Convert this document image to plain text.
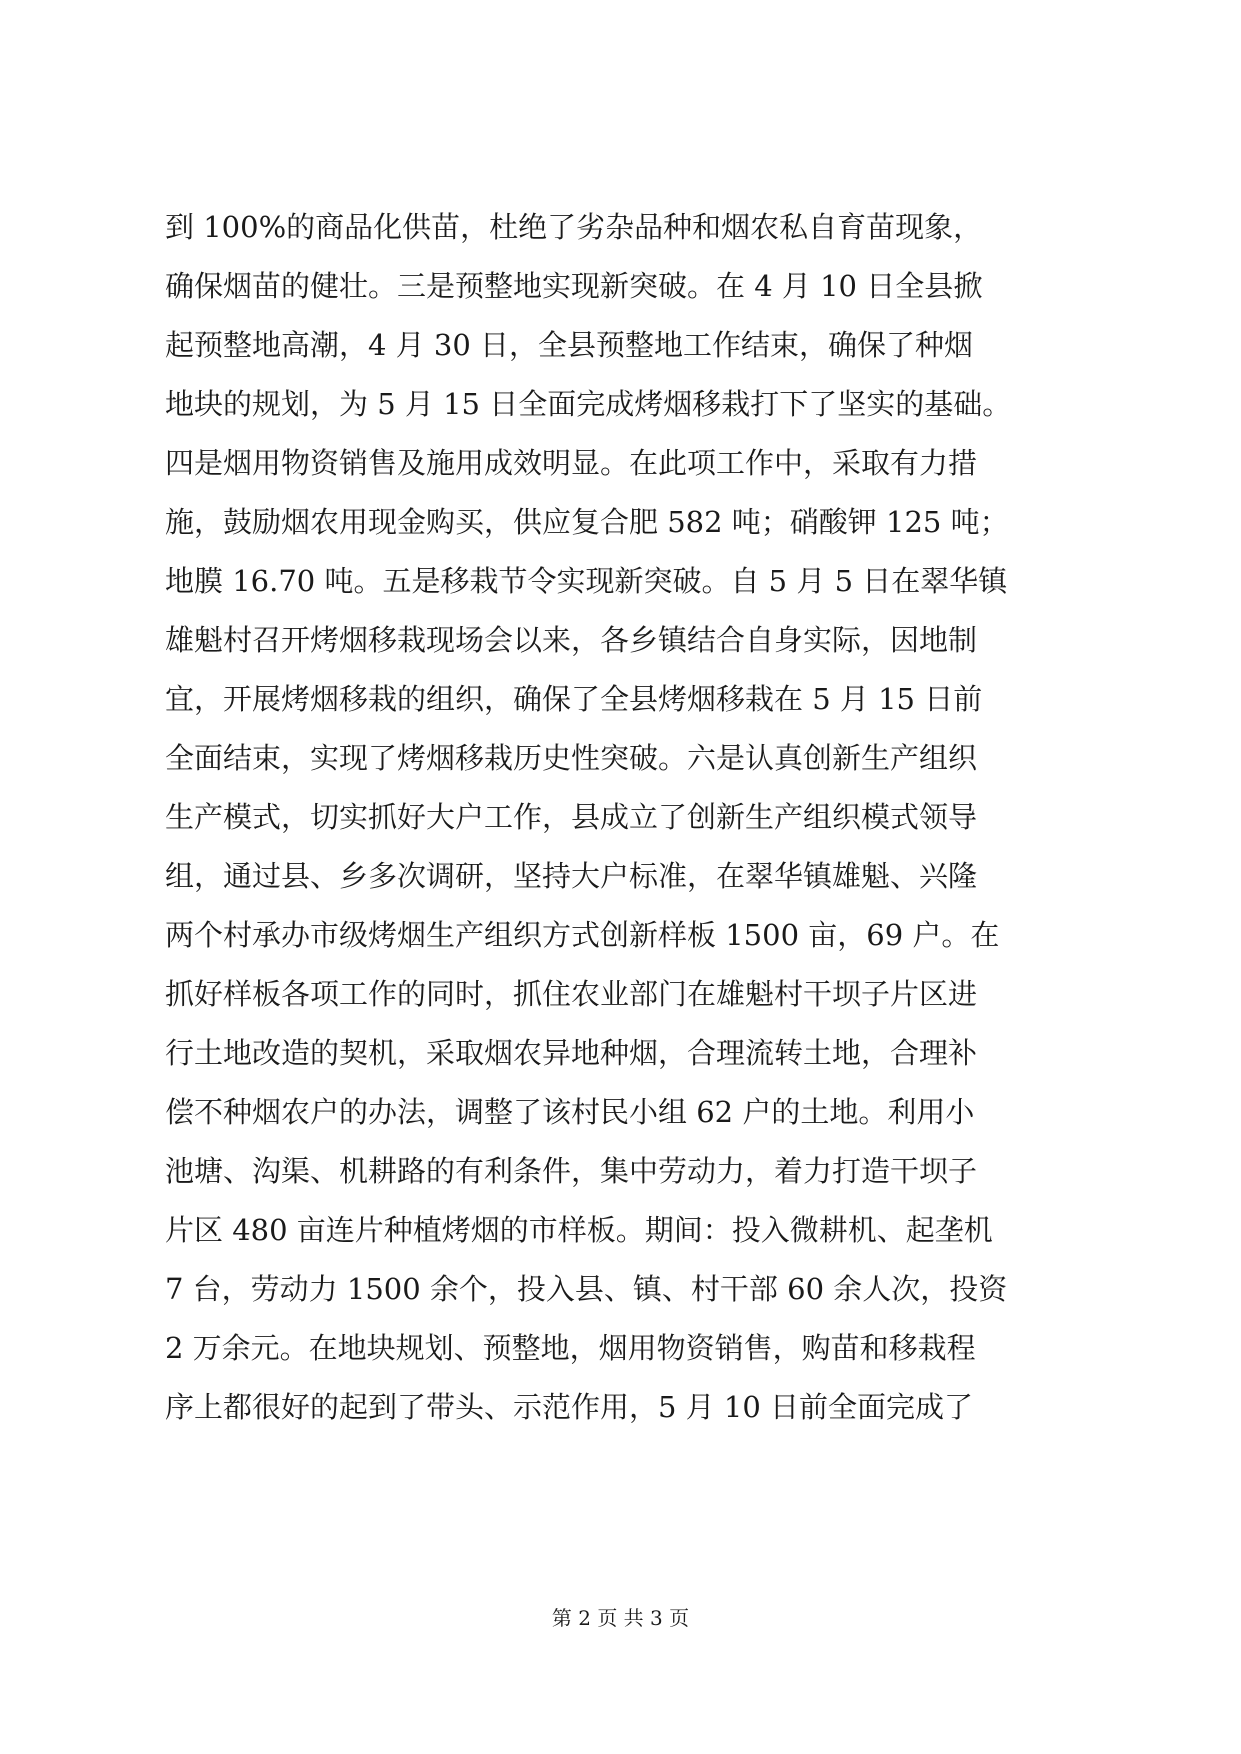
到 100%的商品化供苗，杜绝了劣杂品种和烟农私自育苗现象，
确保烟苗的健壮。三是预整地实现新突破。在 4 月 10 日全县掀
起预整地高潮，4 月 30 日，全县预整地工作结束，确保了种烟
地块的规划，为 5 月 15 日全面完成烤烟移栽打下了坚实的基础。
四是烟用物资销售及施用成效明显。在此项工作中，采取有力措
施，鼓励烟农用现金购买，供应复合肥 582 吨；硝酸钾 125 吨；
地膜 16.70 吨。五是移栽节令实现新突破。自 5 月 5 日在翠华镇
雄魁村召开烤烟移栽现场会以来，各乡镇结合自身实际，因地制
宜，开展烤烟移栽的组织，确保了全县烤烟移栽在 5 月 15 日前
全面结束，实现了烤烟移栽历史性突破。六是认真创新生产组织
生产模式，切实抓好大户工作，县成立了创新生产组织模式领导
组，通过县、乡多次调研，坚持大户标准，在翠华镇雄魁、兴隆
两个村承办市级烤烟生产组织方式创新样板 1500 亩，69 户。在
抓好样板各项工作的同时，抓住农业部门在雄魁村干坝子片区进
行土地改造的契机，采取烟农异地种烟，合理流转土地，合理补
偿不种烟农户的办法，调整了该村民小组 62 户的土地。利用小
池塘、沟渠、机耕路的有利条件，集中劳动力，着力打造干坝子
片区 480 亩连片种植烤烟的市样板。期间：投入微耕机、起垄机
7 台，劳动力 1500 余个，投入县、镇、村干部 60 余人次，投资
2 万余元。在地块规划、预整地，烟用物资销售，购苗和移栽程
序上都很好的起到了带头、示范作用，5 月 10 日前全面完成了
第 2 页 共 3 页
